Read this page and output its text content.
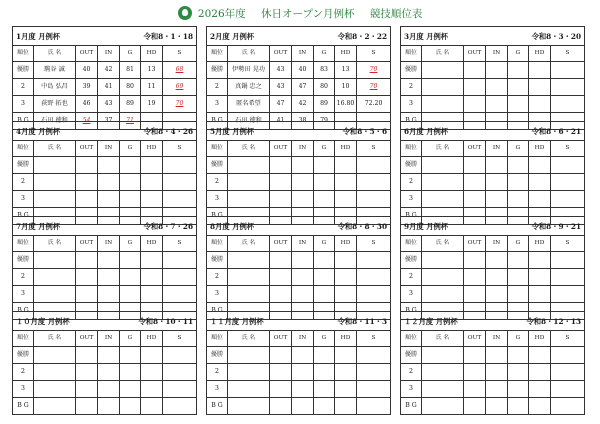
2026年度 休日オープン月例杯 競技順位表
1月度 月例杯 令和8・1・18						

順位	氏 名	OUT	IN	G	HD	S
優勝	駒谷 誠	40	42	81	13	68
2	中島 弘昌	39	41	80	11	69
3	荻野 拓也	46	43	89	19	70
B G	石田 徳和	54	37	71		
2月度 月例杯 令和8・2・22						

順位	氏 名	OUT	IN	G	HD	S
優勝	伊勢田 晃功	43	40	83	13	70
2	真鍋 忠之	43	47	80	10	70
3	匿名希望	47	42	89	16.80	72.20
B G	石田 徳和	41	38	79		
3月度 月例杯 令和8・3・20						

順位	氏 名	OUT	IN	G	HD	S
優勝						
2						
3						
B G						
4月度 月例杯 令和8・4・26						

順位	氏 名	OUT	IN	G	HD	S
優勝						
2						
3						
B G						
5月度 月例杯 令和8・5・6						

順位	氏 名	OUT	IN	G	HD	S
優勝						
2						
3						
B G						
6月度 月例杯 令和8・6・21						

順位	氏 名	OUT	IN	G	HD	S
優勝						
2						
3						
B G						
7月度 月例杯 令和8・7・26						

順位	氏 名	OUT	IN	G	HD	S
優勝						
2						
3						
B G						
8月度 月例杯 令和8・8・30						

順位	氏 名	OUT	IN	G	HD	S
優勝						
2						
3						
B G						
9月度 月例杯 令和8・9・21						

順位	氏 名	OUT	IN	G	HD	S
優勝						
2						
3						
B G						
１０月度 月例杯 令和8・10・11						

順位	氏 名	OUT	IN	G	HD	S
優勝						
2						
3						
B G						
１１月度 月例杯 令和8・11・3						

順位	氏 名	OUT	IN	G	HD	S
優勝						
2						
3						
B G						
１２月度 月例杯 令和8・12・13						

順位	氏 名	OUT	IN	G	HD	S
優勝						
2						
3						
B G						
